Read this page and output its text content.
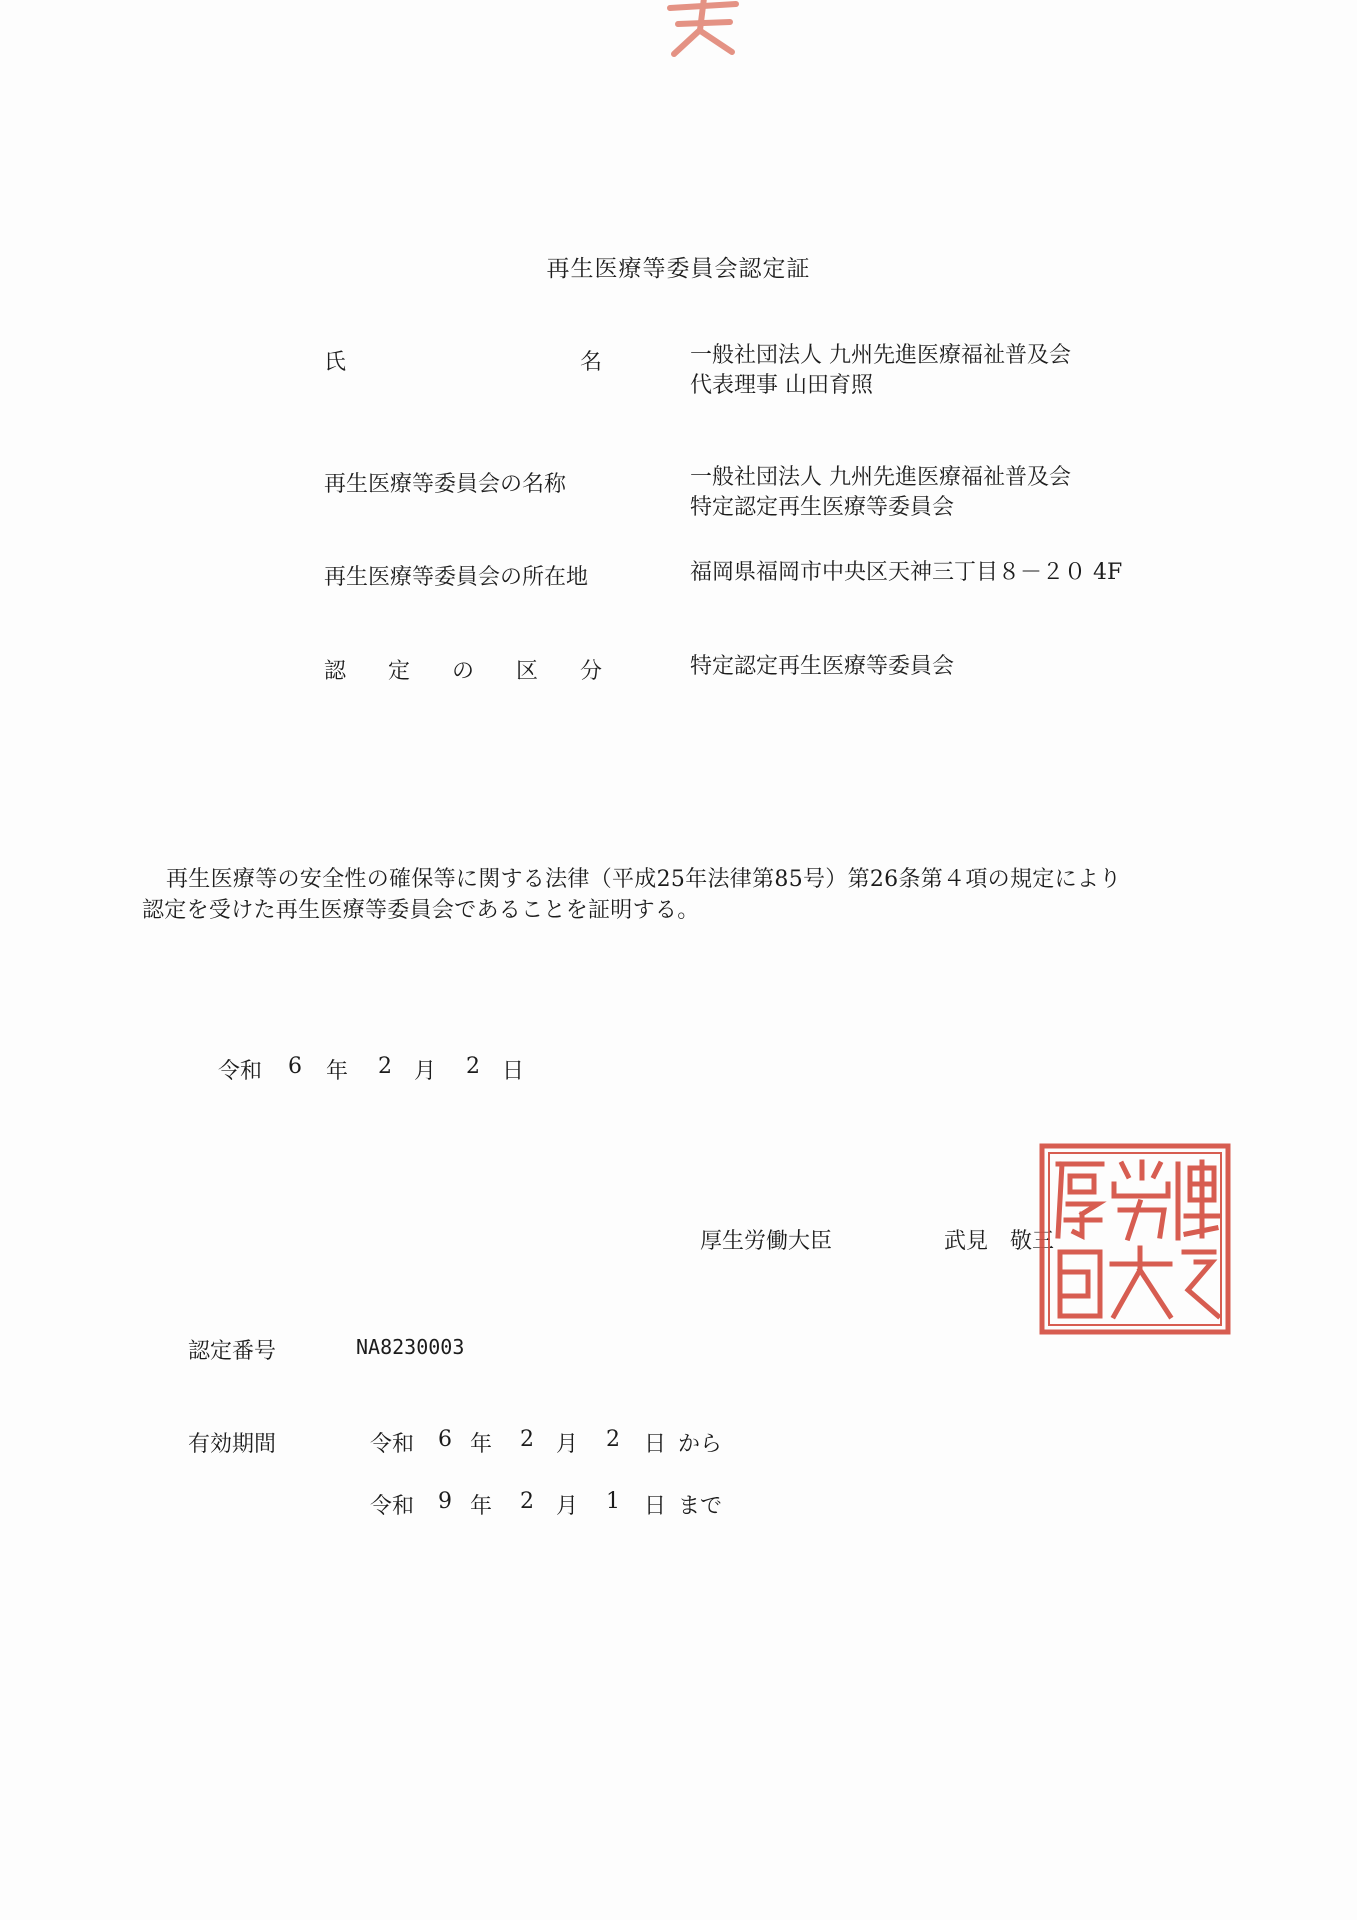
再生医療等委員会認定証
氏	名	一般社団法人 九州先進医療福祉普及会
代表理事 山田育照
再生医療等委員会の名称	一般社団法人 九州先進医療福祉普及会
特定認定再生医療等委員会
再生医療等委員会の所在地	福岡県福岡市中央区天神三丁目８－２０ 4F
認 定 の 区 分	特定認定再生医療等委員会
再生医療等の安全性の確保等に関する法律（平成25年法律第85号）第26条第４項の規定により
認定を受けた再生医療等委員会であることを証明する。
令和	6	年	2	月	2	日
厚生労働大臣	武見　敬三
認定番号	NA8230003
有効期間	令和	6 年	2	月	2	日 から
令和	9 年	2	月	1	日 まで
